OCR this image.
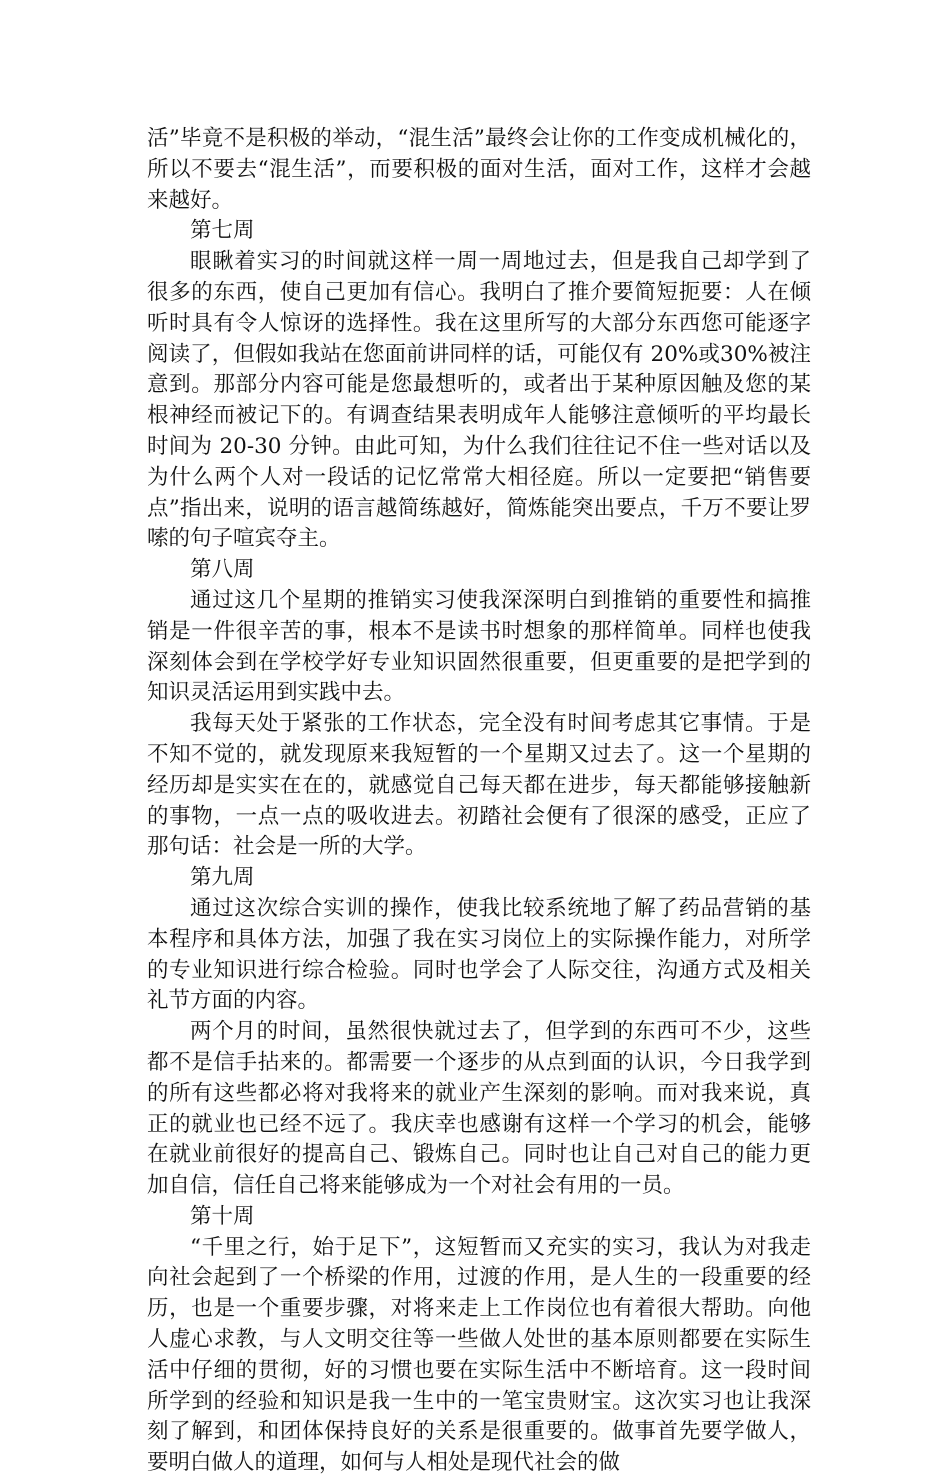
活”毕竟不是积极的举动，“混生活”最终会让你的工作变成机械化的，所以不要去“混生活”，而要积极的面对生活，面对工作，这样才会越来越好。

第七周

眼瞅着实习的时间就这样一周一周地过去，但是我自己却学到了很多的东西，使自己更加有信心。我明白了推介要简短扼要：人在倾听时具有令人惊讶的选择性。我在这里所写的大部分东西您可能逐字阅读了，但假如我站在您面前讲同样的话，可能仅有 20%或30%被注意到。那部分内容可能是您最想听的，或者出于某种原因触及您的某根神经而被记下的。有调查结果表明成年人能够注意倾听的平均最长时间为 20-30 分钟。由此可知，为什么我们往往记不住一些对话以及为什么两个人对一段话的记忆常常大相径庭。所以一定要把“销售要点”指出来，说明的语言越简练越好，简炼能突出要点，千万不要让罗嗦的句子喧宾夺主。

第八周

通过这几个星期的推销实习使我深深明白到推销的重要性和搞推销是一件很辛苦的事，根本不是读书时想象的那样简单。同样也使我深刻体会到在学校学好专业知识固然很重要，但更重要的是把学到的知识灵活运用到实践中去。

我每天处于紧张的工作状态，完全没有时间考虑其它事情。于是不知不觉的，就发现原来我短暂的一个星期又过去了。这一个星期的经历却是实实在在的，就感觉自己每天都在进步，每天都能够接触新的事物，一点一点的吸收进去。初踏社会便有了很深的感受，正应了那句话：社会是一所的大学。

第九周

通过这次综合实训的操作，使我比较系统地了解了药品营销的基本程序和具体方法，加强了我在实习岗位上的实际操作能力，对所学的专业知识进行综合检验。同时也学会了人际交往，沟通方式及相关礼节方面的内容。

两个月的时间，虽然很快就过去了，但学到的东西可不少，这些都不是信手拈来的。都需要一个逐步的从点到面的认识，今日我学到的所有这些都必将对我将来的就业产生深刻的影响。而对我来说，真正的就业也已经不远了。我庆幸也感谢有这样一个学习的机会，能够在就业前很好的提高自己、锻炼自己。同时也让自己对自己的能力更加自信，信任自己将来能够成为一个对社会有用的一员。

第十周

“千里之行，始于足下”，这短暂而又充实的实习，我认为对我走向社会起到了一个桥梁的作用，过渡的作用，是人生的一段重要的经历，也是一个重要步骤，对将来走上工作岗位也有着很大帮助。向他人虚心求教，与人文明交往等一些做人处世的基本原则都要在实际生活中仔细的贯彻，好的习惯也要在实际生活中不断培育。这一段时间所学到的经验和知识是我一生中的一笔宝贵财宝。这次实习也让我深刻了解到，和团体保持良好的关系是很重要的。做事首先要学做人，要明白做人的道理，如何与人相处是现代社会的做
